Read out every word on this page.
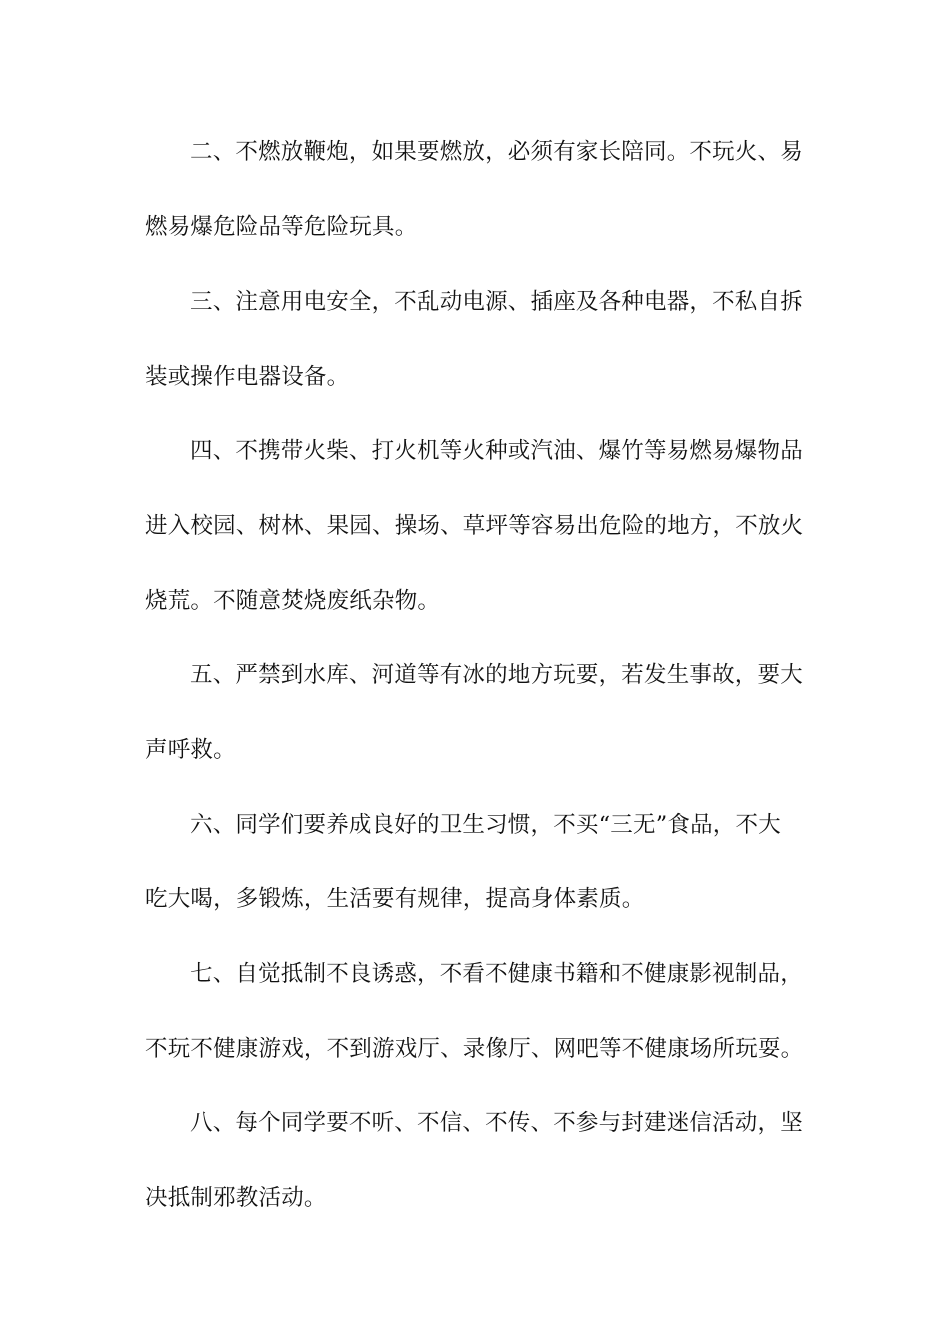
二、不燃放鞭炮，如果要燃放，必须有家长陪同。不玩火、易
燃易爆危险品等危险玩具。
三、注意用电安全，不乱动电源、插座及各种电器，不私自拆
装或操作电器设备。
四、不携带火柴、打火机等火种或汽油、爆竹等易燃易爆物品
进入校园、树林、果园、操场、草坪等容易出危险的地方，不放火
烧荒。不随意焚烧废纸杂物。
五、严禁到水库、河道等有冰的地方玩要，若发生事故，要大
声呼救。
六、同学们要养成良好的卫生习惯，不买“三无”食品，不大
吃大喝，多锻炼，生活要有规律，提高身体素质。
七、自觉抵制不良诱惑，不看不健康书籍和不健康影视制品，
不玩不健康游戏，不到游戏厅、录像厅、网吧等不健康场所玩耍。
八、每个同学要不听、不信、不传、不参与封建迷信活动，坚
决抵制邪教活动。
